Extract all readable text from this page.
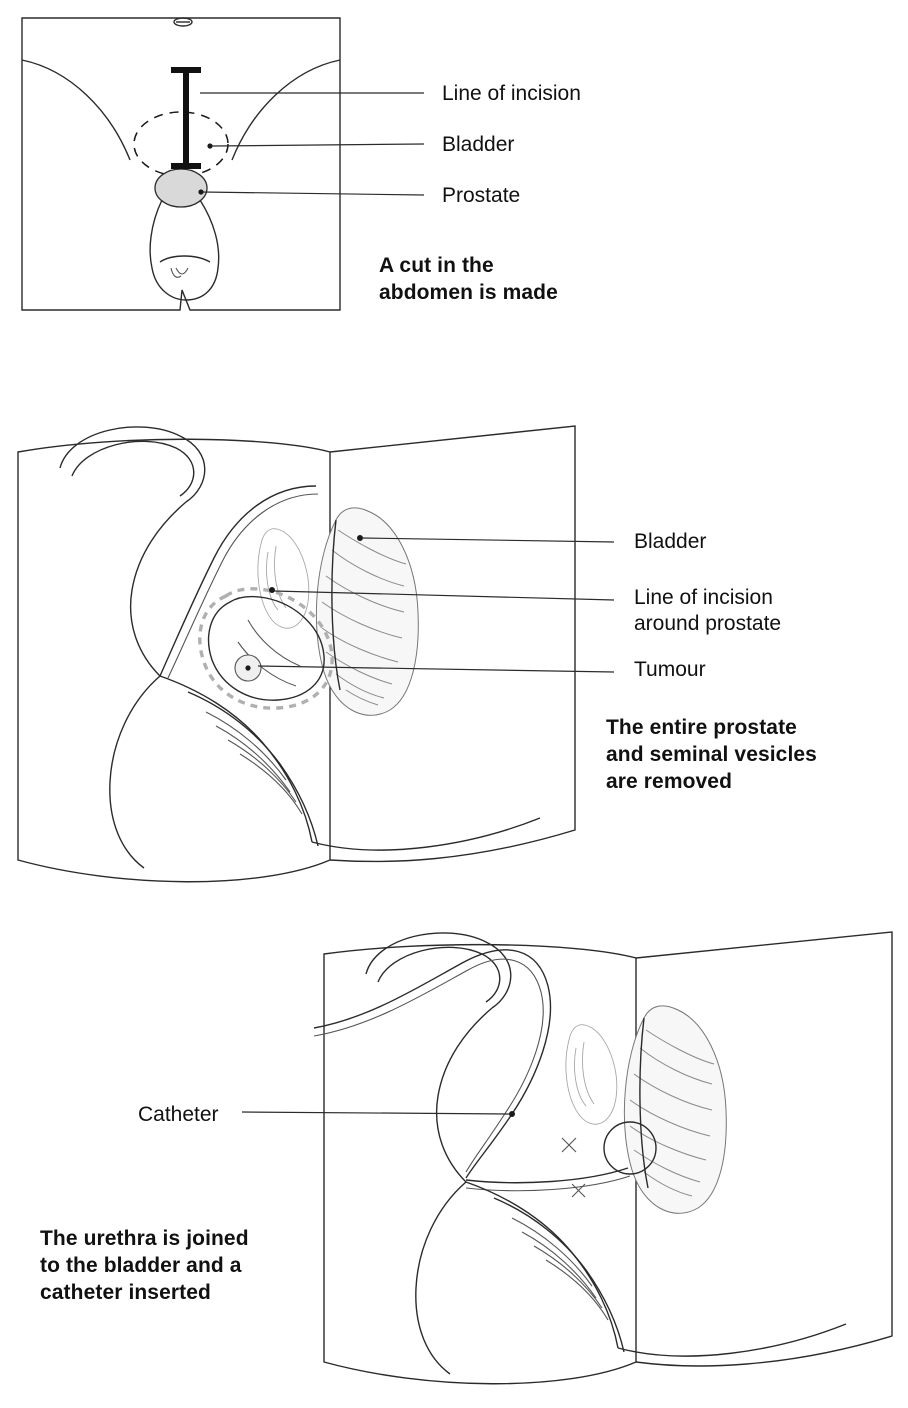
Line of incision
Bladder
Prostate
A cut in the
abdomen is made
Bladder
Line of incision
around prostate
Tumour
The entire prostate
and seminal vesicles
are removed
Catheter
The urethra is joined
to the bladder and a
catheter inserted
